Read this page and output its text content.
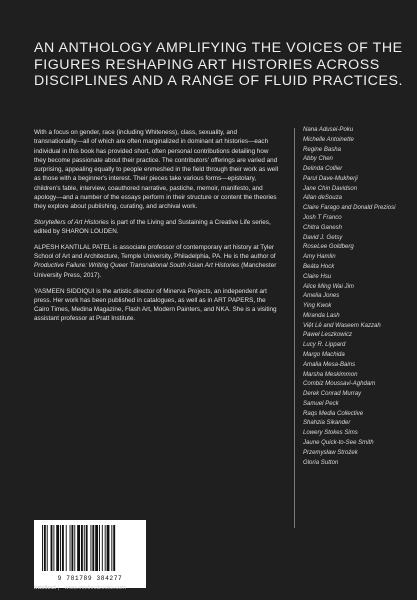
AN ANTHOLOGY AMPLIFYING THE VOICES OF THE FIGURES RESHAPING ART HISTORIES ACROSS DISCIPLINES AND A RANGE OF FLUID PRACTICES.

With a focus on gender, race (including Whiteness), class, sexuality, and transnationality—all of which are often marginalized in dominant art histories—each individual in this book has provided short, often personal contributions detailing how they become passionate about their practice. The contributors' offerings are varied and surprising, appealing equally to people enmeshed in the field through their work as well as those with a beginner's interest. Their pieces take various forms—epistolary, children's fable, interview, coauthored narrative, pastiche, memoir, manifesto, and apology—and a number of the essays perform in their structure or content the theories they explore about publishing, curating, and archival work.

Storytellers of Art Histories is part of the Living and Sustaining a Creative Life series, edited by SHARON LOUDEN.

ALPESH KANTILAL PATEL is associate professor of contemporary art history at Tyler School of Art and Architecture, Temple University, Philadelphia, PA. He is the author of Productive Failure: Writing Queer Transnational South Asian Art Histories (Manchester University Press, 2017).

YASMEEN SIDDIQUI is the artistic director of Minerva Projects, an independent art press. Her work has been published in catalogues, as well as in ART PAPERS, the Cairo Times, Medina Magazine, Flash Art, Modern Painters, and NKA. She is a visiting assistant professor at Pratt Institute.

Nana Adusei-Poku
Michelle Antoinette
Regine Basha
Abby Chen
Delinda Collier
Parul Dave-Mukherji
Jane Chin Davidson
Allan deSouza
Claire Farago and Donald Preziosi
Josh T Franco
Chitra Ganesh
David J. Getsy
RoseLee Goldberg
Amy Hamlin
Beáta Hock
Claire Hsu
Alice Ming Wai Jim
Amelia Jones
Ying Kwok
Miranda Lash
Việt Lê and Waseem Kazzah
Paweł Leszkowicz
Lucy R. Lippard
Margo Machida
Amalia Mesa-Bains
Marsha Meskimmon
Combiz Moussavi-Aghdam
Derek Conrad Murray
Samuel Peck
Raqs Media Collective
Shahzia Sikander
Lowery Stokes Sims
Jaune Quick-to-See Smith
Przemysław Strożek
Gloria Sutton
9 781789 384277
intellect | www.intellectbooks.com
